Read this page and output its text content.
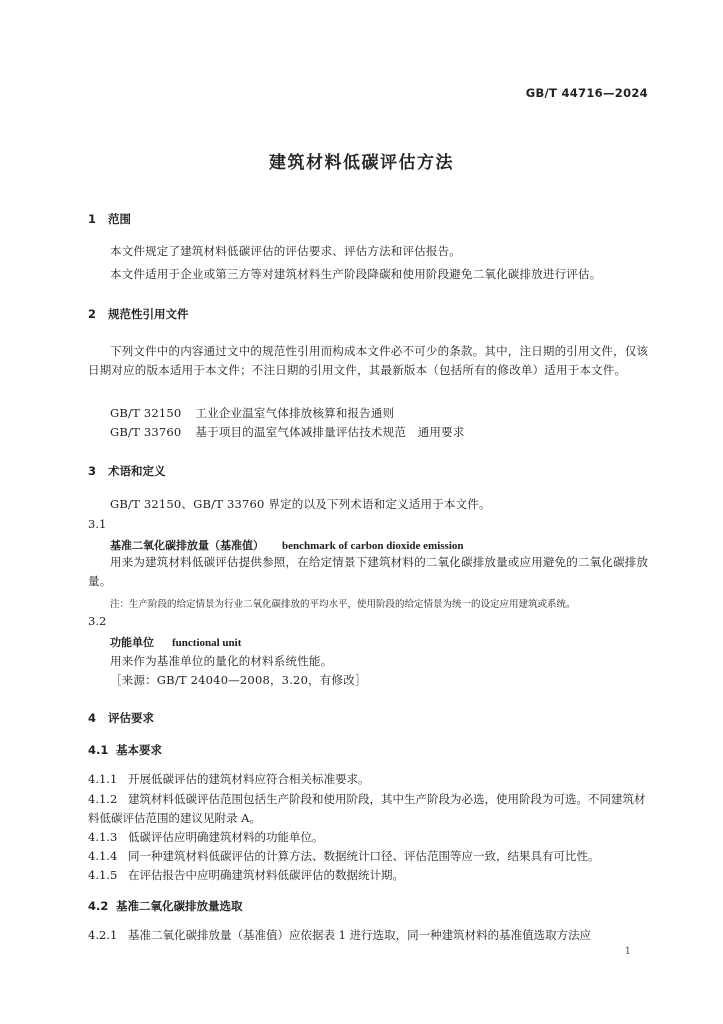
GB/T 44716—2024
建筑材料低碳评估方法
1 范围
本文件规定了建筑材料低碳评估的评估要求、评估方法和评估报告。
本文件适用于企业或第三方等对建筑材料生产阶段降碳和使用阶段避免二氧化碳排放进行评估。
2 规范性引用文件
下列文件中的内容通过文中的规范性引用而构成本文件必不可少的条款。其中，注日期的引用文件，仅该日期对应的版本适用于本文件；不注日期的引用文件，其最新版本（包括所有的修改单）适用于本文件。
GB/T 32150 工业企业温室气体排放核算和报告通则
GB/T 33760 基于项目的温室气体减排量评估技术规范　通用要求
3 术语和定义
GB/T 32150、GB/T 33760 界定的以及下列术语和定义适用于本文件。
3.1
基准二氧化碳排放量（基准值） benchmark of carbon dioxide emission
用来为建筑材料低碳评估提供参照，在给定情景下建筑材料的二氧化碳排放量或应用避免的二氧化碳排放量。
注：生产阶段的给定情景为行业二氧化碳排放的平均水平，使用阶段的给定情景为统一的设定应用建筑或系统。
3.2
功能单位 functional unit
用来作为基准单位的量化的材料系统性能。
［来源：GB/T 24040—2008，3.20，有修改］
4 评估要求
4.1 基本要求
4.1.1 开展低碳评估的建筑材料应符合相关标准要求。
4.1.2 建筑材料低碳评估范围包括生产阶段和使用阶段，其中生产阶段为必选，使用阶段为可选。不同建筑材料低碳评估范围的建议见附录 A。
4.1.3 低碳评估应明确建筑材料的功能单位。
4.1.4 同一种建筑材料低碳评估的计算方法、数据统计口径、评估范围等应一致，结果具有可比性。
4.1.5 在评估报告中应明确建筑材料低碳评估的数据统计期。
4.2 基准二氧化碳排放量选取
4.2.1 基准二氧化碳排放量（基准值）应依据表 1 进行选取，同一种建筑材料的基准值选取方法应
1
